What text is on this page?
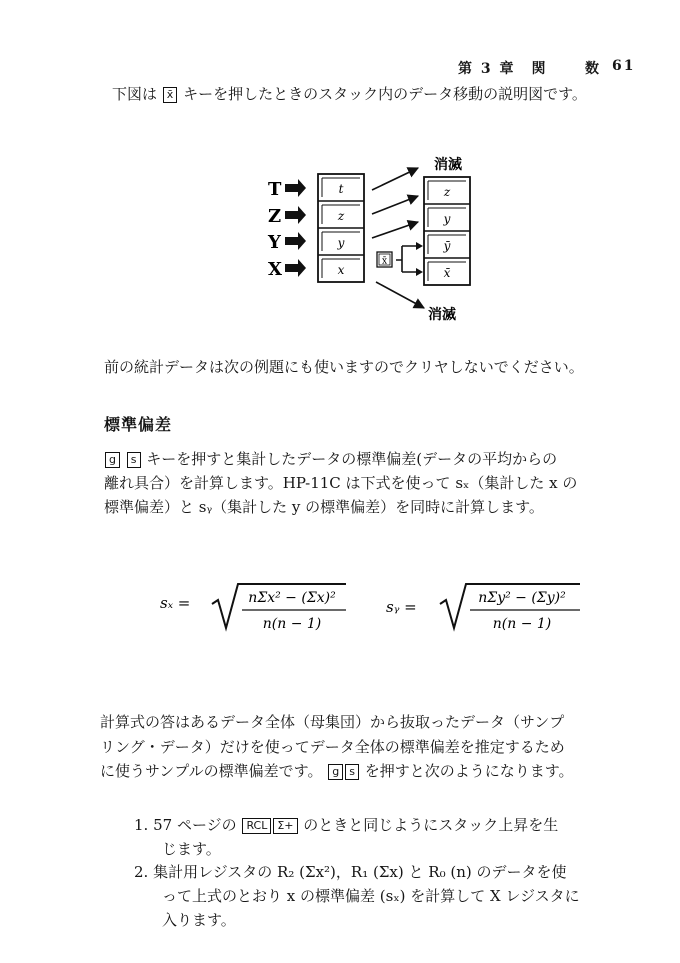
第 3 章　関	数 61
下図は x̄ キーを押したときのスタック内のデータ移動の説明図です。
T
Z
Y
X
t
z
y
x
z
y
ȳ
x̄
x̄
消滅
消滅
前の統計データは次の例題にも使いますのでクリヤしないでください。
標準偏差
g s キーを押すと集計したデータの標準偏差(データの平均からの
離れ具合）を計算します。HP-11C は下式を使って sₓ（集計した x の
標準偏差）と sᵧ（集計した y の標準偏差）を同時に計算します。
sₓ =	nΣx² − (Σx)²
n(n − 1)
sᵧ =	nΣy² − (Σy)²
n(n − 1)
計算式の答はあるデータ全体（母集団）から抜取ったデータ（サンプ
リング・データ）だけを使ってデータ全体の標準偏差を推定するため
に使うサンプルの標準偏差です。 g s を押すと次のようになります。
1. 57 ページの RCL Σ+ のときと同じようにスタック上昇を生
じます。
2. 集計用レジスタの R₂ (Σx²)，R₁ (Σx) と R₀ (n) のデータを使
って上式のとおり x の標準偏差 (sₓ) を計算して X レジスタに
入ります。
